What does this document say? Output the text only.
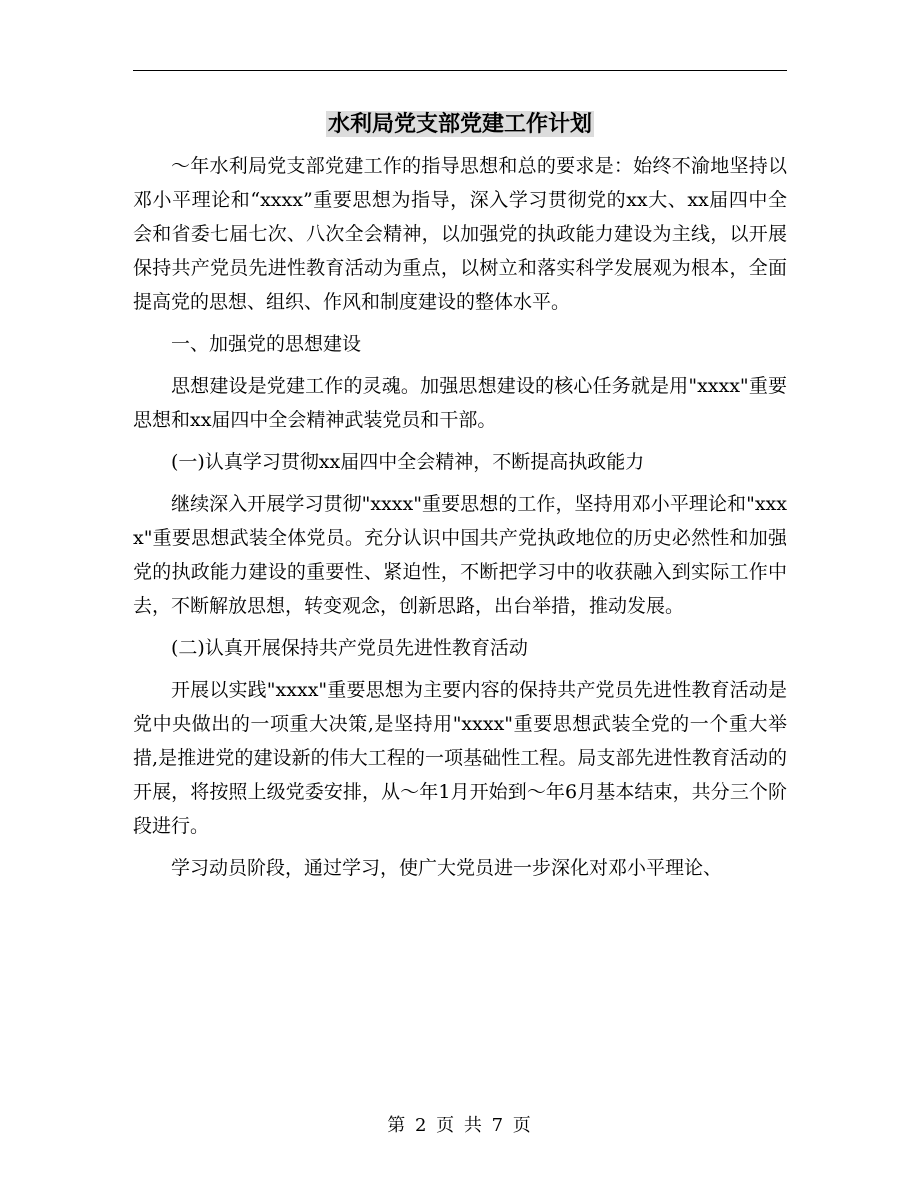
水利局党支部党建工作计划

～年水利局党支部党建工作的指导思想和总的要求是：始终不渝地坚持以邓小平理论和“xxxx”重要思想为指导，深入学习贯彻党的xx大、xx届四中全会和省委七届七次、八次全会精神，以加强党的执政能力建设为主线，以开展保持共产党员先进性教育活动为重点，以树立和落实科学发展观为根本，全面提高党的思想、组织、作风和制度建设的整体水平。

一、加强党的思想建设

思想建设是党建工作的灵魂。加强思想建设的核心任务就是用"xxxx"重要思想和xx届四中全会精神武装党员和干部。

(一)认真学习贯彻xx届四中全会精神，不断提高执政能力

继续深入开展学习贯彻"xxxx"重要思想的工作，坚持用邓小平理论和"xxxx"重要思想武装全体党员。充分认识中国共产党执政地位的历史必然性和加强党的执政能力建设的重要性、紧迫性，不断把学习中的收获融入到实际工作中去，不断解放思想，转变观念，创新思路，出台举措，推动发展。

(二)认真开展保持共产党员先进性教育活动

开展以实践"xxxx"重要思想为主要内容的保持共产党员先进性教育活动是党中央做出的一项重大决策,是坚持用"xxxx"重要思想武装全党的一个重大举措,是推进党的建设新的伟大工程的一项基础性工程。局支部先进性教育活动的开展，将按照上级党委安排，从～年1月开始到～年6月基本结束，共分三个阶段进行。

学习动员阶段，通过学习，使广大党员进一步深化对邓小平理论、

第 2 页 共 7 页
